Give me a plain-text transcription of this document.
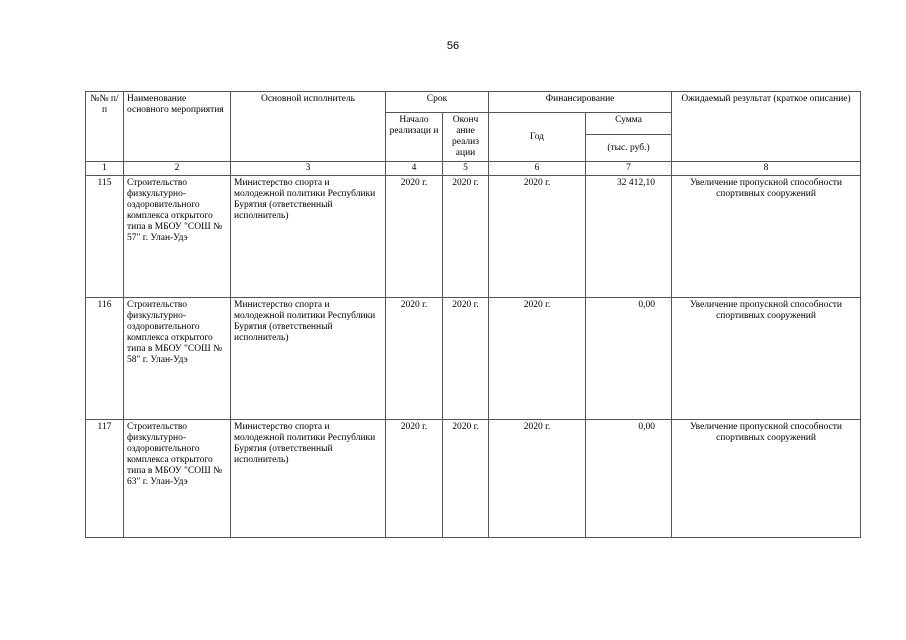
56
№№ п/п	Наименование основного мероприятия	Основной исполнитель	Срок		Финансирование		Ожидаемый результат (краткое описание)
			Начало реализаци и	Оконч ание реализ ации	Год	Сумма	
						(тыс. руб.)	
1	2	3	4	5	6	7	8
115	Строительство физкультурно-оздоровительного комплекса открытого типа в МБОУ "СОШ № 57" г. Улан-Удэ	Министерство спорта и молодежной политики Республики Бурятия (ответственный исполнитель)	2020 г.	2020 г.	2020 г.	32 412,10	Увеличение пропускной способности спортивных сооружений
116	Строительство физкультурно-оздоровительного комплекса открытого типа в МБОУ "СОШ № 58" г. Улан-Удэ	Министерство спорта и молодежной политики Республики Бурятия (ответственный исполнитель)	2020 г.	2020 г.	2020 г.	0,00	Увеличение пропускной способности спортивных сооружений
117	Строительство физкультурно-оздоровительного комплекса открытого типа в МБОУ "СОШ № 63" г. Улан-Удэ	Министерство спорта и молодежной политики Республики Бурятия (ответственный исполнитель)	2020 г.	2020 г.	2020 г.	0,00	Увеличение пропускной способности спортивных сооружений
